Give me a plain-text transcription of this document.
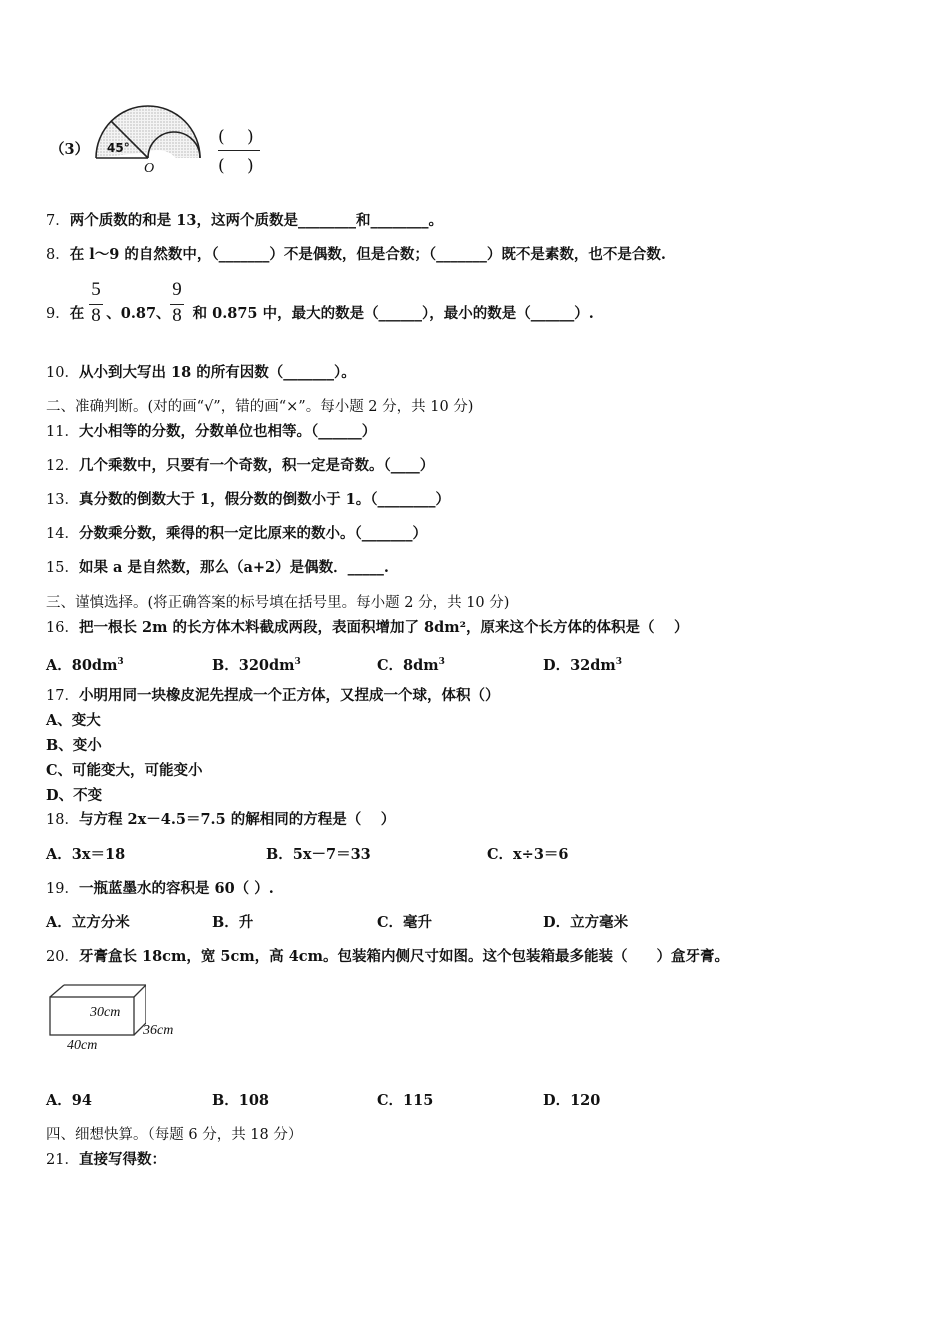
（3） 45°
O
(　 )
(　 )
7．两个质数的和是 13，这两个质数是________和________。
8．在 l～9 的自然数中，（_______）不是偶数，但是合数；（_______）既不是素数，也不是合数.
9．在 、0.87、 和 0.875 中，最大的数是（______），最小的数是（______）.
5
8
9
8
10．从小到大写出 18 的所有因数（_______）。
二、准确判断。(对的画“√”，错的画“×”。每小题 2 分，共 10 分)
11．大小相等的分数，分数单位也相等。（______）
12．几个乘数中，只要有一个奇数，积一定是奇数。（____）
13．真分数的倒数大于 1，假分数的倒数小于 1。（________）
14．分数乘分数，乘得的积一定比原来的数小。（_______）
15．如果 a 是自然数，那么（a+2）是偶数．_____.
三、谨慎选择。(将正确答案的标号填在括号里。每小题 2 分，共 10 分)
16．把一根长 2m 的长方体木料截成两段，表面积增加了 8dm²，原来这个长方体的体积是（　 ）
A．$80dm^3$	B．$320dm^3$	C．$8dm^3$	D．$32dm^3$
17．小明用同一块橡皮泥先捏成一个正方体，又捏成一个球，体积（）
A、变大
B、变小
C、可能变大，可能变小
D、不变
18．与方程 2x－4.5＝7.5 的解相同的方程是（　 ）
A．3x＝18	B．5x－7＝33	C．x÷3＝6
19．一瓶蓝墨水的容积是 60（ ）.
A．立方分米	B．升	C．毫升	D．立方毫米
20．牙膏盒长 18cm，宽 5cm，高 4cm。包装箱内侧尺寸如图。这个包装箱最多能装（　　）盒牙膏。
30cm
36cm
40cm
A．94	B．108	C．115	D．120
四、细想快算。（每题 6 分，共 18 分）
21．直接写得数：
